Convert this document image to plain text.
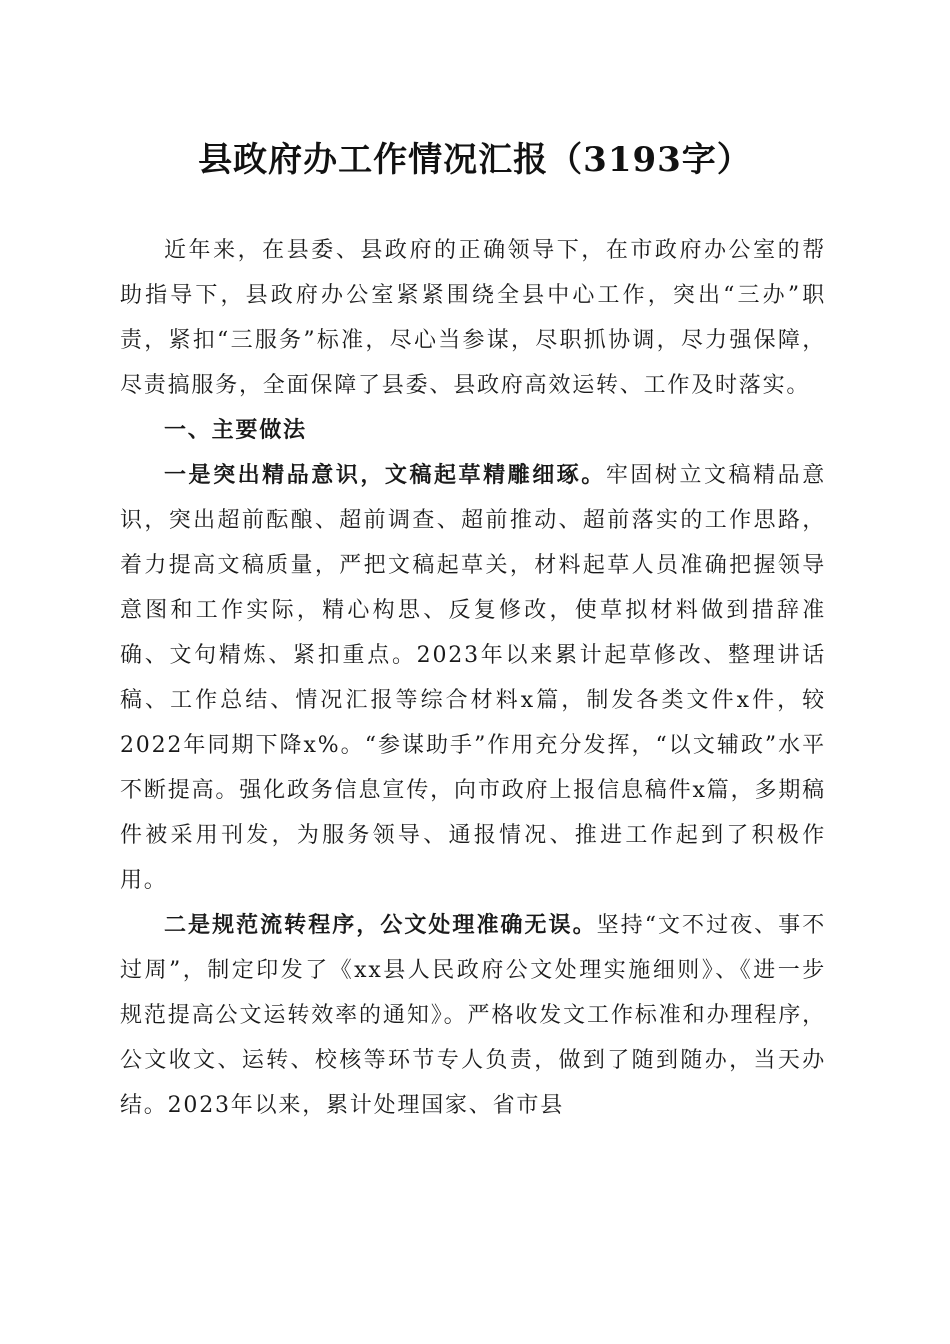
县政府办工作情况汇报（3193字）

近年来，在县委、县政府的正确领导下，在市政府办公室的帮助指导下，县政府办公室紧紧围绕全县中心工作，突出“三办”职责，紧扣“三服务”标准，尽心当参谋，尽职抓协调，尽力强保障，尽责搞服务，全面保障了县委、县政府高效运转、工作及时落实。

一、主要做法

一是突出精品意识，文稿起草精雕细琢。牢固树立文稿精品意识，突出超前酝酿、超前调查、超前推动、超前落实的工作思路，着力提高文稿质量，严把文稿起草关，材料起草人员准确把握领导意图和工作实际，精心构思、反复修改，使草拟材料做到措辞准确、文句精炼、紧扣重点。2023年以来累计起草修改、整理讲话稿、工作总结、情况汇报等综合材料x篇，制发各类文件x件，较2022年同期下降x%。“参谋助手”作用充分发挥，“以文辅政”水平不断提高。强化政务信息宣传，向市政府上报信息稿件x篇，多期稿件被采用刊发，为服务领导、通报情况、推进工作起到了积极作用。

二是规范流转程序，公文处理准确无误。坚持“文不过夜、事不过周”，制定印发了《xx县人民政府公文处理实施细则》、《进一步规范提高公文运转效率的通知》。严格收发文工作标准和办理程序，公文收文、运转、校核等环节专人负责，做到了随到随办，当天办结。2023年以来，累计处理国家、省市县
